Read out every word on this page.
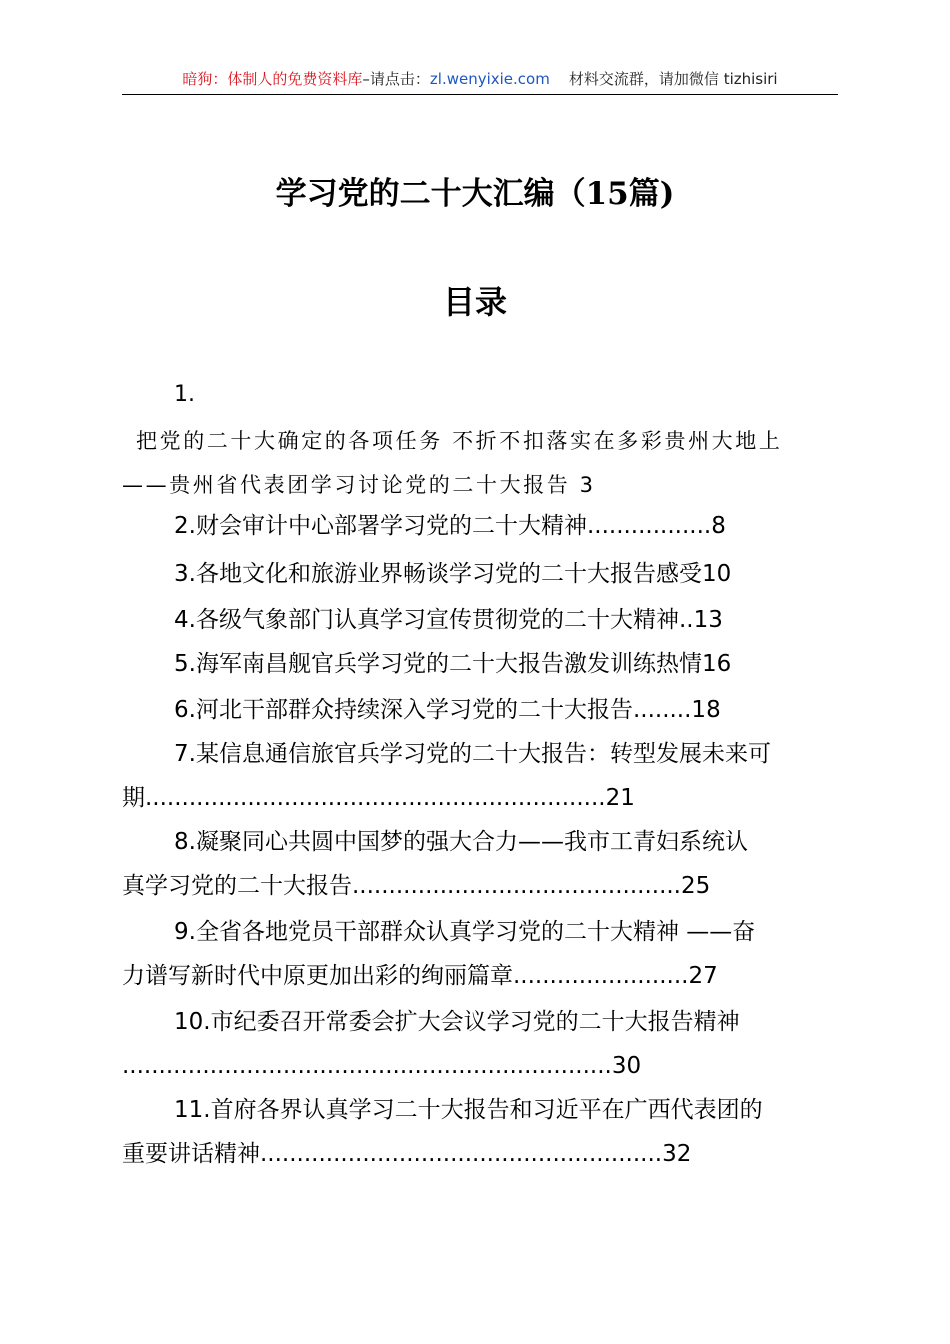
暗狗：体制人的免费资料库–请点击：zl.wenyixie.com 材料交流群，请加微信 tizhisiri
学习党的二十大汇编（15篇)
目录
1.
把党的二十大确定的各项任务 不折不扣落实在多彩贵州大地上
——贵州省代表团学习讨论党的二十大报告 3
2.财会审计中心部署学习党的二十大精神.................8
3.各地文化和旅游业界畅谈学习党的二十大报告感受10
4.各级气象部门认真学习宣传贯彻党的二十大精神..13
5.海军南昌舰官兵学习党的二十大报告激发训练热情16
6.河北干部群众持续深入学习党的二十大报告........18
7.某信息通信旅官兵学习党的二十大报告：转型发展未来可
期...............................................................21
8.凝聚同心共圆中国梦的强大合力——我市工青妇系统认
真学习党的二十大报告.............................................25
9.全省各地党员干部群众认真学习党的二十大精神 ——奋
力谱写新时代中原更加出彩的绚丽篇章........................27
10.市纪委召开常委会扩大会议学习党的二十大报告精神
...................................................................30
11.首府各界认真学习二十大报告和习近平在广西代表团的
重要讲话精神.......................................................32
